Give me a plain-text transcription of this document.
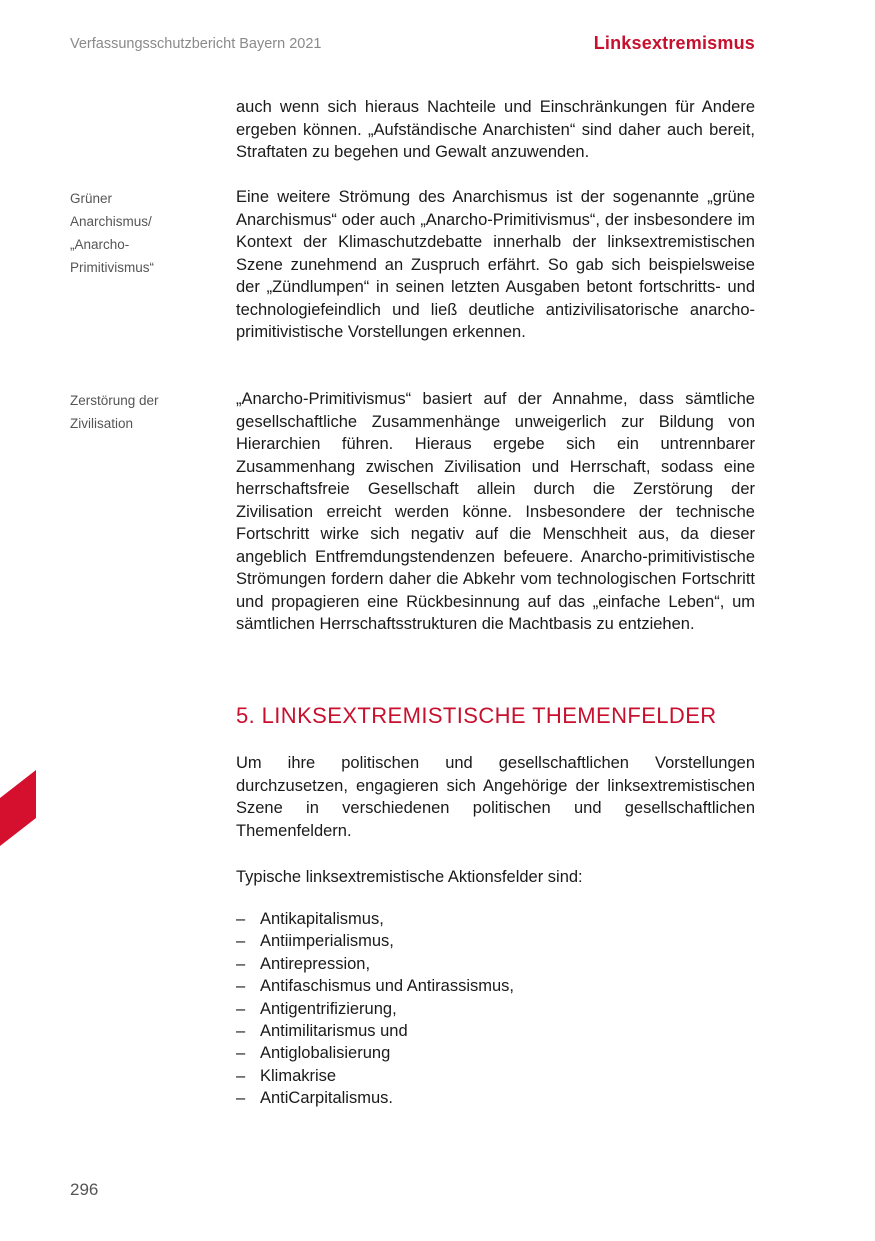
Verfassungsschutzbericht Bayern 2021	Linksextremismus
auch wenn sich hieraus Nachteile und Einschränkungen für Andere ergeben können. „Aufständische Anarchisten“ sind daher auch bereit, Straftaten zu begehen und Gewalt anzuwenden.
Grüner
Anarchismus/
„Anarcho-
Primitivismus“
Eine weitere Strömung des Anarchismus ist der sogenannte „grüne Anarchismus“ oder auch „Anarcho-Primitivismus“, der insbesondere im Kontext der Klimaschutzdebatte innerhalb der linksextremistischen Szene zunehmend an Zuspruch erfährt. So gab sich beispielsweise der „Zündlumpen“ in seinen letzten Ausgaben betont fortschritts- und technologiefeindlich und ließ deutliche antizivilisatorische anarcho-primitivistische Vorstellungen erkennen.
Zerstörung der
Zivilisation
„Anarcho-Primitivismus“ basiert auf der Annahme, dass sämtliche gesellschaftliche Zusammenhänge unweigerlich zur Bildung von Hierarchien führen. Hieraus ergebe sich ein untrennbarer Zusammenhang zwischen Zivilisation und Herrschaft, sodass eine herrschaftsfreie Gesellschaft allein durch die Zerstörung der Zivilisation erreicht werden könne. Insbesondere der technische Fortschritt wirke sich negativ auf die Menschheit aus, da dieser angeblich Entfremdungstendenzen befeuere. Anarcho-primitivistische Strömungen fordern daher die Abkehr vom technologischen Fortschritt und propagieren eine Rückbesinnung auf das „einfache Leben“, um sämtlichen Herrschaftsstrukturen die Machtbasis zu entziehen.
5. LINKSEXTREMISTISCHE THEMENFELDER
Um ihre politischen und gesellschaftlichen Vorstellungen durchzusetzen, engagieren sich Angehörige der linksextremistischen Szene in verschiedenen politischen und gesellschaftlichen Themenfeldern.
Typische linksextremistische Aktionsfelder sind:
– Antikapitalismus,
– Antiimperialismus,
– Antirepression,
– Antifaschismus und Antirassismus,
– Antigentrifizierung,
– Antimilitarismus und
– Antiglobalisierung
– Klimakrise
– AntiCarpitalismus.
296
